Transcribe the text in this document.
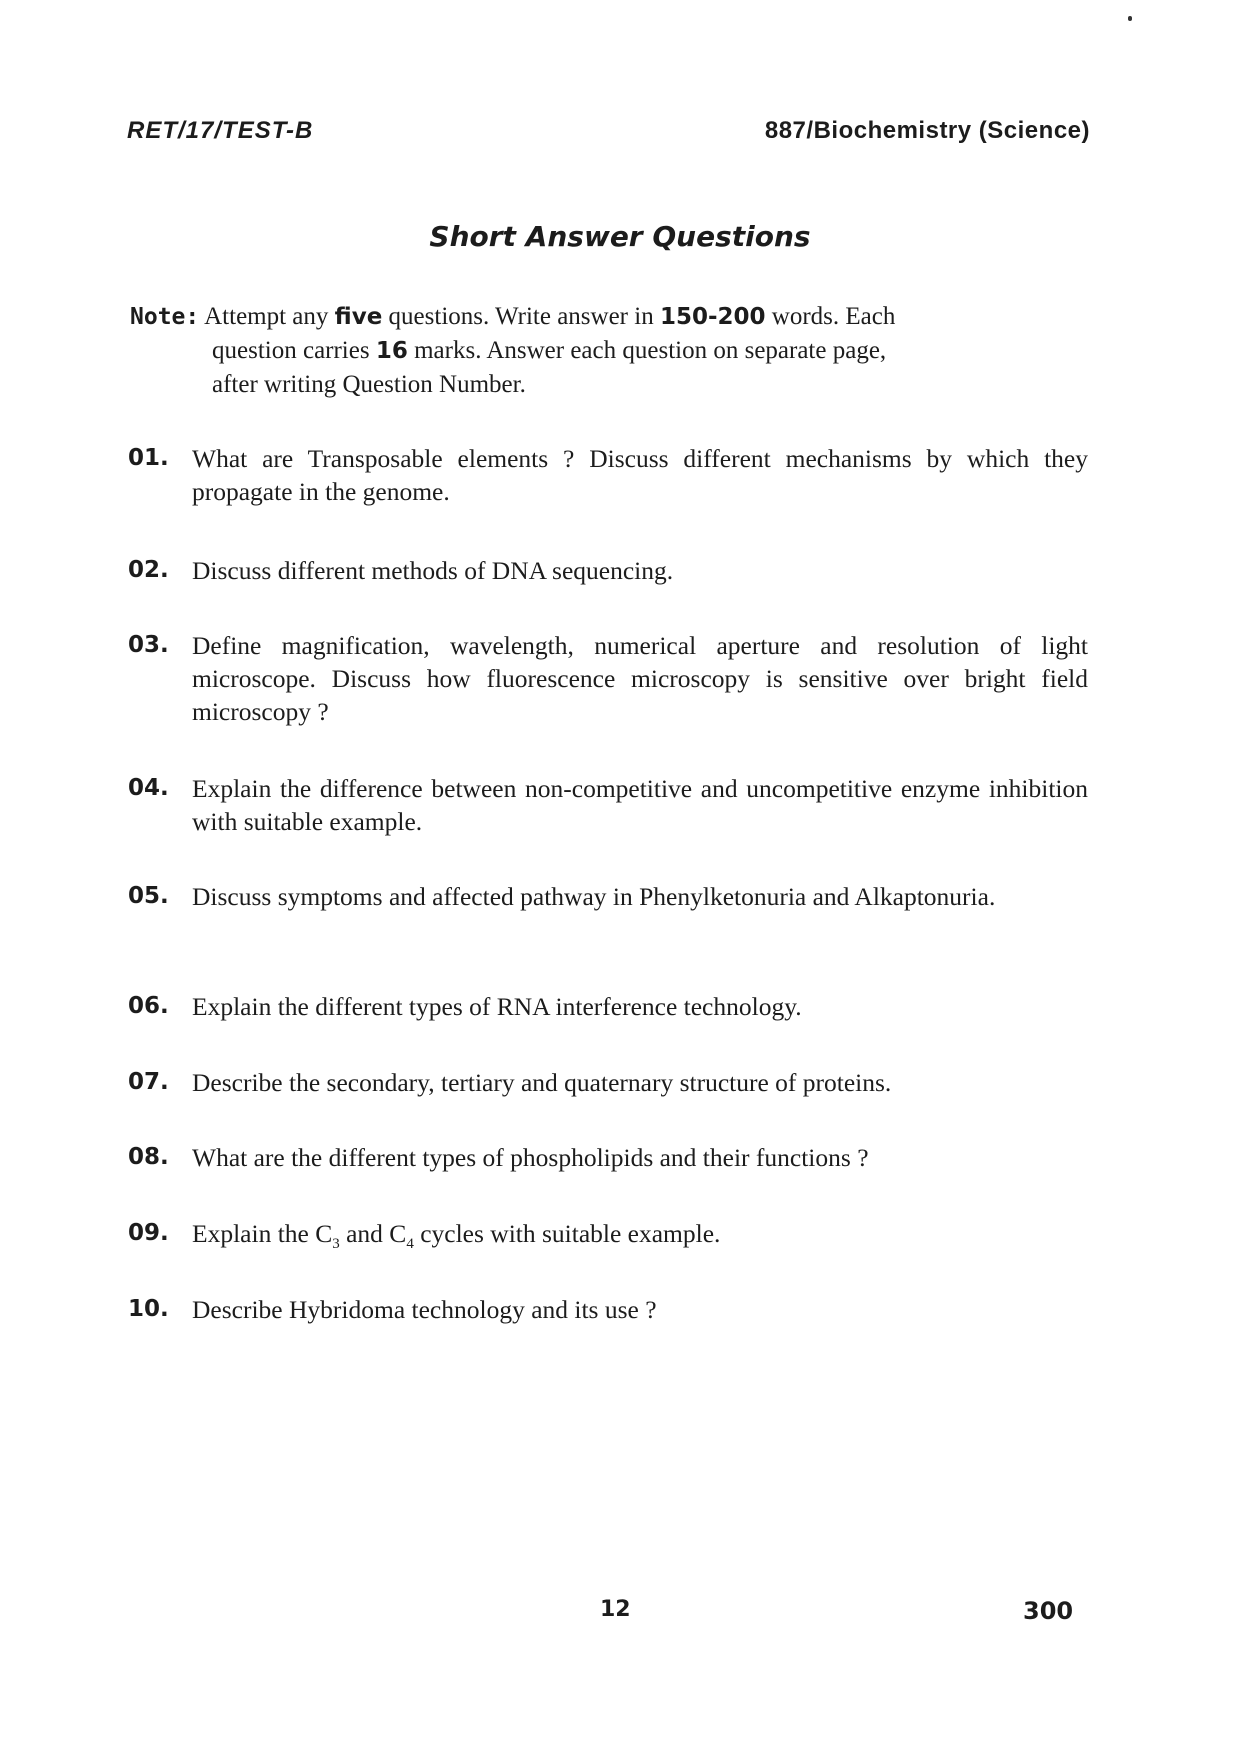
RET/17/TEST-B	887/Biochemistry (Science)
Short Answer Questions
Note: Attempt any five questions. Write answer in 150-200 words. Each
question carries 16 marks. Answer each question on separate page,
after writing Question Number.
01. What are Transposable elements ? Discuss different mechanisms by which they propagate in the genome.
02. Discuss different methods of DNA sequencing.
03. Define magnification, wavelength, numerical aperture and resolution of light microscope. Discuss how fluorescence microscopy is sensitive over bright field microscopy ?
04. Explain the difference between non-competitive and uncompetitive enzyme inhibition with suitable example.
05. Discuss symptoms and affected pathway in Phenylketonuria and Alkaptonuria.
06. Explain the different types of RNA interference technology.
07. Describe the secondary, tertiary and quaternary structure of proteins.
08. What are the different types of phospholipids and their functions ?
09. Explain the $C_3$ and $C_4$ cycles with suitable example.
10. Describe Hybridoma technology and its use ?
12	300
